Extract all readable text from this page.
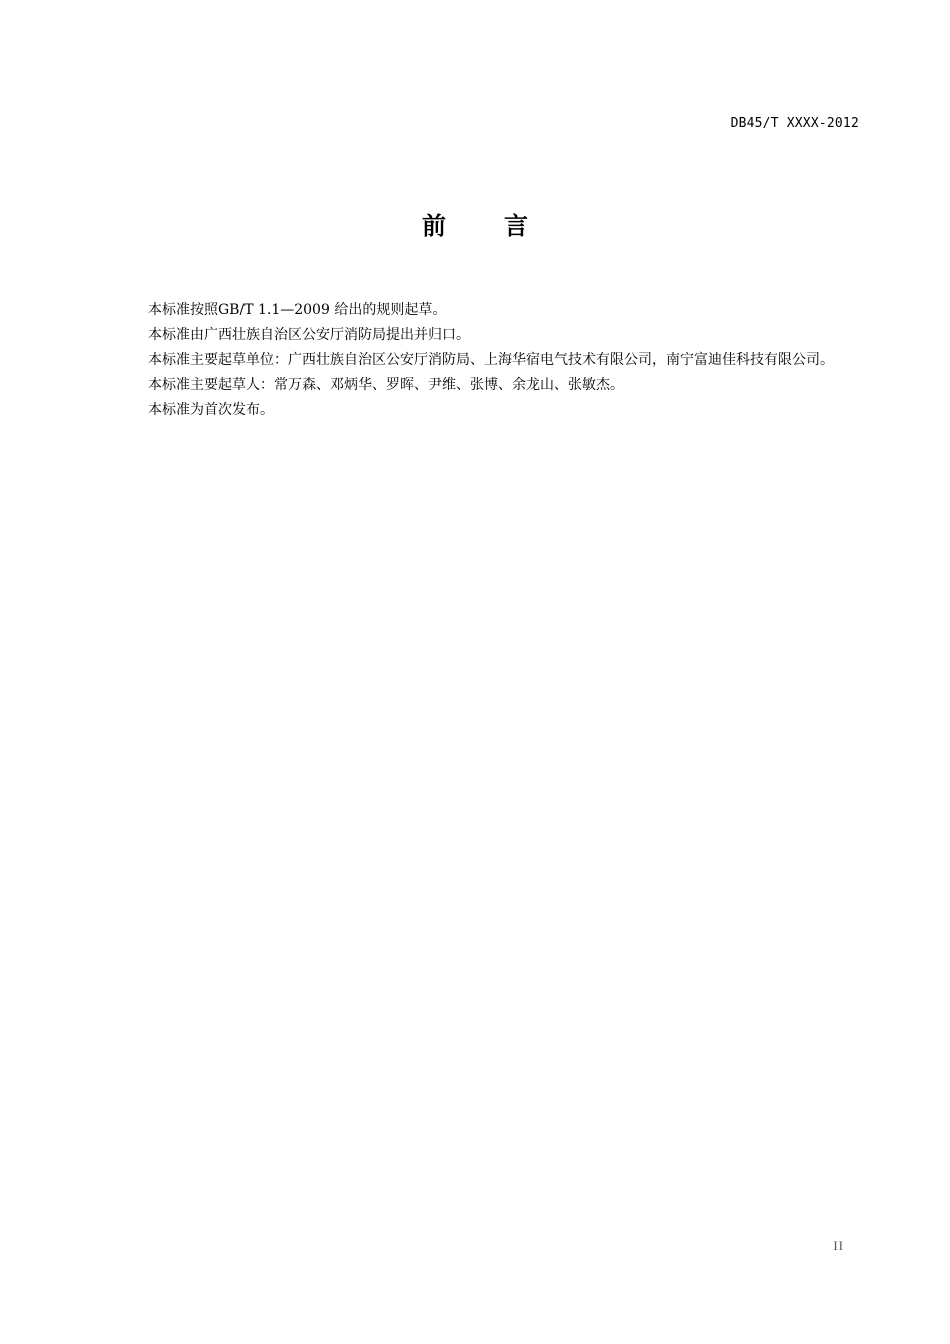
DB45/T XXXX-2012
前言

本标准按照GB/T 1.1—2009 给出的规则起草。

本标准由广西壮族自治区公安厅消防局提出并归口。

本标准主要起草单位：广西壮族自治区公安厅消防局、上海华宿电气技术有限公司，南宁富迪佳科技有限公司。

本标准主要起草人：常万森、邓炳华、罗晖、尹维、张博、余龙山、张敏杰。

本标准为首次发布。

II
